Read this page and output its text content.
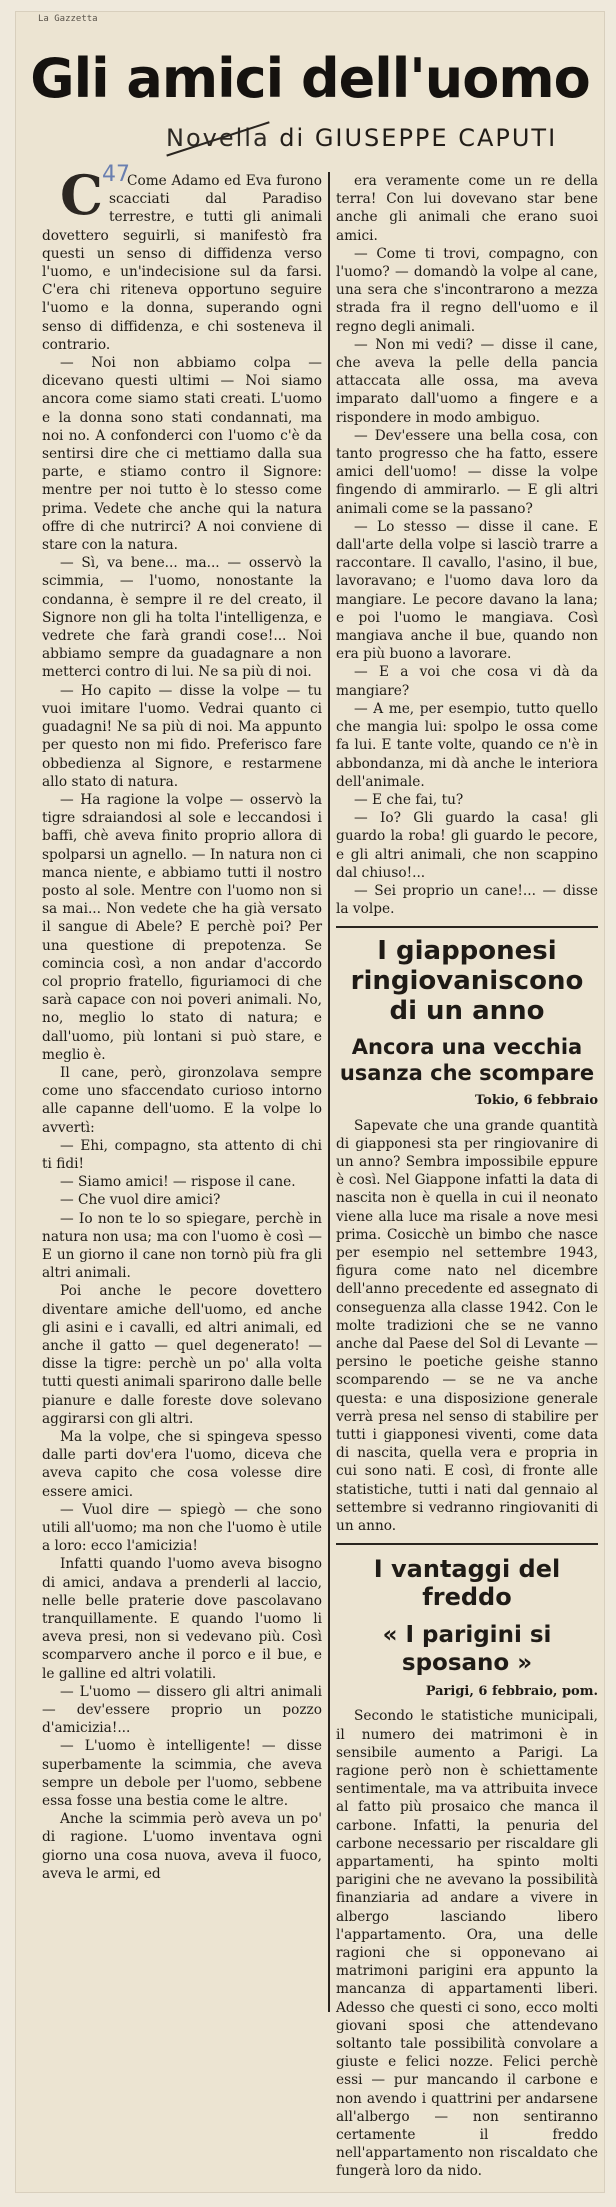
La Gazzetta
Gli amici dell'uomo
47
Novella di GIUSEPPE CAPUTI

C	Come Adamo ed Eva furono scacciati dal Paradiso terrestre, e tutti gli animali dovettero seguirli, si manifestò fra questi un senso di diffidenza verso l'uomo, e un'indecisione sul da farsi. C'era chi riteneva opportuno seguire l'uomo e la donna, superando ogni senso di diffidenza, e chi sosteneva il contrario.

— Noi non abbiamo colpa — dicevano questi ultimi — Noi siamo ancora come siamo stati creati. L'uomo e la donna sono stati condannati, ma noi no. A confonderci con l'uomo c'è da sentirsi dire che ci mettiamo dalla sua parte, e stiamo contro il Signore: mentre per noi tutto è lo stesso come prima. Vedete che anche qui la natura offre di che nutrirci? A noi conviene di stare con la natura.

— Sì, va bene... ma... — osservò la scimmia, — l'uomo, nonostante la condanna, è sempre il re del creato, il Signore non gli ha tolta l'intelligenza, e vedrete che farà grandi cose!... Noi abbiamo sempre da guadagnare a non metterci contro di lui. Ne sa più di noi.

— Ho capito — disse la volpe — tu vuoi imitare l'uomo. Vedrai quanto ci guadagni! Ne sa più di noi. Ma appunto per questo non mi fido. Preferisco fare obbedienza al Signore, e restarmene allo stato di natura.

— Ha ragione la volpe — osservò la tigre sdraiandosi al sole e leccandosi i baffi, chè aveva finito proprio allora di spolparsi un agnello. — In natura non ci manca niente, e abbiamo tutti il nostro posto al sole. Mentre con l'uomo non si sa mai... Non vedete che ha già versato il sangue di Abele? E perchè poi? Per una questione di prepotenza. Se comincia così, a non andar d'accordo col proprio fratello, figuriamoci di che sarà capace con noi poveri animali. No, no, meglio lo stato di natura; e dall'uomo, più lontani si può stare, e meglio è.

Il cane, però, gironzolava sempre come uno sfaccendato curioso intorno alle capanne dell'uomo. E la volpe lo avvertì:

— Ehi, compagno, sta attento di chi ti fidi!

— Siamo amici! — rispose il cane.

— Che vuol dire amici?

— Io non te lo so spiegare, perchè in natura non usa; ma con l'uomo è così — E un giorno il cane non tornò più fra gli altri animali.

Poi anche le pecore dovettero diventare amiche dell'uomo, ed anche gli asini e i cavalli, ed altri animali, ed anche il gatto — quel degenerato! — disse la tigre: perchè un po' alla volta tutti questi animali sparirono dalle belle pianure e dalle foreste dove solevano aggirarsi con gli altri.

Ma la volpe, che si spingeva spesso dalle parti dov'era l'uomo, diceva che aveva capito che cosa volesse dire essere amici.

— Vuol dire — spiegò — che sono utili all'uomo; ma non che l'uomo è utile a loro: ecco l'amicizia!

Infatti quando l'uomo aveva bisogno di amici, andava a prenderli al laccio, nelle belle praterie dove pascolavano tranquillamente. E quando l'uomo li aveva presi, non si vedevano più. Così scomparvero anche il porco e il bue, e le galline ed altri volatili.

— L'uomo — dissero gli altri animali — dev'essere proprio un pozzo d'amicizia!...

— L'uomo è intelligente! — disse superbamente la scimmia, che aveva sempre un debole per l'uomo, sebbene essa fosse una bestia come le altre.

Anche la scimmia però aveva un po' di ragione. L'uomo inventava ogni giorno una cosa nuova, aveva il fuoco, aveva le armi, ed

era veramente come un re della terra! Con lui dovevano star bene anche gli animali che erano suoi amici.

— Come ti trovi, compagno, con l'uomo? — domandò la volpe al cane, una sera che s'incontrarono a mezza strada fra il regno dell'uomo e il regno degli animali.

— Non mi vedi? — disse il cane, che aveva la pelle della pancia attaccata alle ossa, ma aveva imparato dall'uomo a fingere e a rispondere in modo ambiguo.

— Dev'essere una bella cosa, con tanto progresso che ha fatto, essere amici dell'uomo! — disse la volpe fingendo di ammirarlo. — E gli altri animali come se la passano?

— Lo stesso — disse il cane. E dall'arte della volpe si lasciò trarre a raccontare. Il cavallo, l'asino, il bue, lavoravano; e l'uomo dava loro da mangiare. Le pecore davano la lana; e poi l'uomo le mangiava. Così mangiava anche il bue, quando non era più buono a lavorare.

— E a voi che cosa vi dà da mangiare?

— A me, per esempio, tutto quello che mangia lui: spolpo le ossa come fa lui. E tante volte, quando ce n'è in abbondanza, mi dà anche le interiora dell'animale.

— E che fai, tu?

— Io? Gli guardo la casa! gli guardo la roba! gli guardo le pecore, e gli altri animali, che non scappino dal chiuso!...

— Sei proprio un cane!... — disse la volpe.

I giapponesi ringiovaniscono di un anno
Ancora una vecchia usanza che scompare
Tokio, 6 febbraio

Sapevate che una grande quantità di giapponesi sta per ringiovanire di un anno? Sembra impossibile eppure è così. Nel Giappone infatti la data di nascita non è quella in cui il neonato viene alla luce ma risale a nove mesi prima. Cosicchè un bimbo che nasce per esempio nel settembre 1943, figura come nato nel dicembre dell'anno precedente ed assegnato di conseguenza alla classe 1942. Con le molte tradizioni che se ne vanno anche dal Paese del Sol di Levante — persino le poetiche geishe stanno scomparendo — se ne va anche questa: e una disposizione generale verrà presa nel senso di stabilire per tutti i giapponesi viventi, come data di nascita, quella vera e propria in cui sono nati. E così, di fronte alle statistiche, tutti i nati dal gennaio al settembre si vedranno ringiovaniti di un anno.

I vantaggi del freddo
« I parigini si sposano »
Parigi, 6 febbraio, pom.

Secondo le statistiche municipali, il numero dei matrimoni è in sensibile aumento a Parigi. La ragione però non è schiettamente sentimentale, ma va attribuita invece al fatto più prosaico che manca il carbone. Infatti, la penuria del carbone necessario per riscaldare gli appartamenti, ha spinto molti parigini che ne avevano la possibilità finanziaria ad andare a vivere in albergo lasciando libero l'appartamento. Ora, una delle ragioni che si opponevano ai matrimoni parigini era appunto la mancanza di appartamenti liberi. Adesso che questi ci sono, ecco molti giovani sposi che attendevano soltanto tale possibilità convolare a giuste e felici nozze. Felici perchè essi — pur mancando il carbone e non avendo i quattrini per andarsene all'albergo — non sentiranno certamente il freddo nell'appartamento non riscaldato che fungerà loro da nido.
